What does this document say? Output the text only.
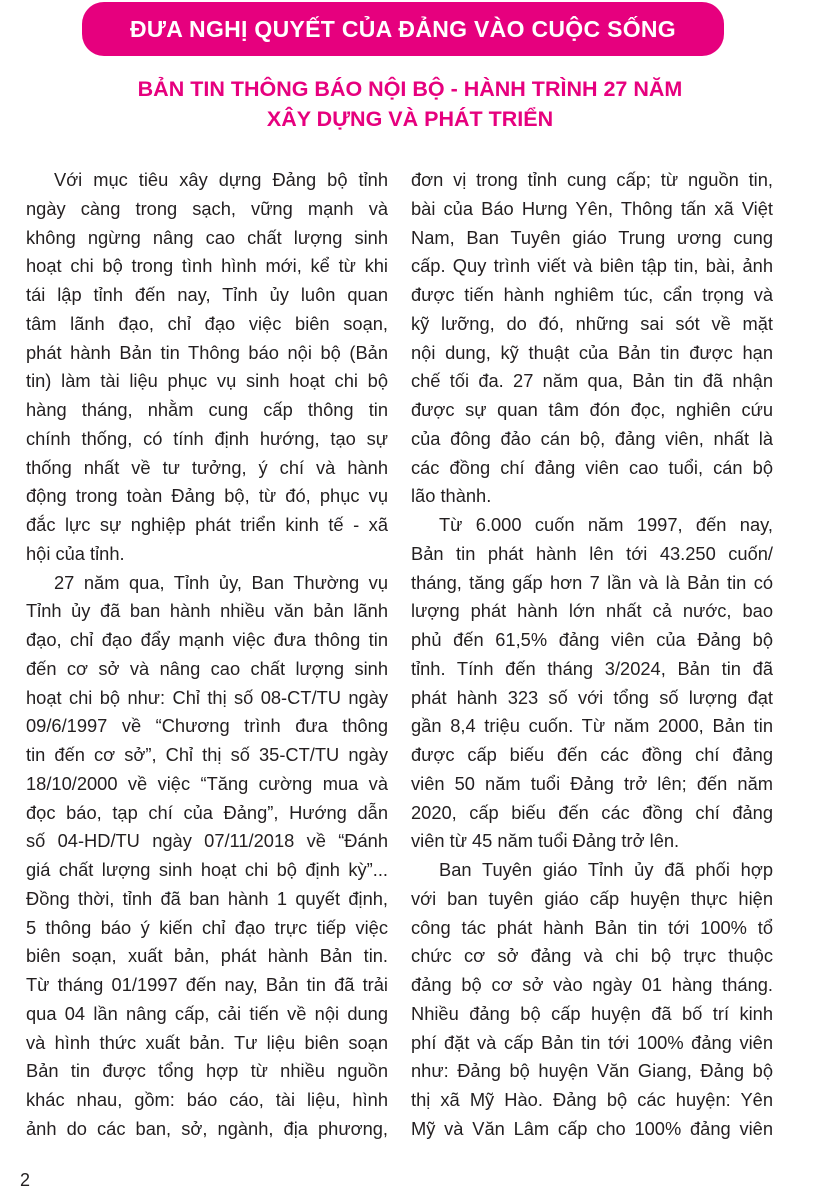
ĐƯA NGHỊ QUYẾT CỦA ĐẢNG VÀO CUỘC SỐNG
BẢN TIN THÔNG BÁO NỘI BỘ - HÀNH TRÌNH 27 NĂM
XÂY DỰNG VÀ PHÁT TRIỂN
Với mục tiêu xây dựng Đảng bộ tỉnh
ngày càng trong sạch, vững mạnh và
không ngừng nâng cao chất lượng sinh
hoạt chi bộ trong tình hình mới, kể từ khi
tái lập tỉnh đến nay, Tỉnh ủy luôn quan
tâm lãnh đạo, chỉ đạo việc biên soạn,
phát hành Bản tin Thông báo nội bộ (Bản
tin) làm tài liệu phục vụ sinh hoạt chi bộ
hàng tháng, nhằm cung cấp thông tin
chính thống, có tính định hướng, tạo sự
thống nhất về tư tưởng, ý chí và hành
động trong toàn Đảng bộ, từ đó, phục vụ
đắc lực sự nghiệp phát triển kinh tế - xã
hội của tỉnh.
27 năm qua, Tỉnh ủy, Ban Thường vụ
Tỉnh ủy đã ban hành nhiều văn bản lãnh
đạo, chỉ đạo đẩy mạnh việc đưa thông tin
đến cơ sở và nâng cao chất lượng sinh
hoạt chi bộ như: Chỉ thị số 08-CT/TU ngày
09/6/1997 về “Chương trình đưa thông
tin đến cơ sở”, Chỉ thị số 35-CT/TU ngày
18/10/2000 về việc “Tăng cường mua và
đọc báo, tạp chí của Đảng”, Hướng dẫn
số 04-HD/TU ngày 07/11/2018 về “Đánh
giá chất lượng sinh hoạt chi bộ định kỳ”...
Đồng thời, tỉnh đã ban hành 1 quyết định,
5 thông báo ý kiến chỉ đạo trực tiếp việc
biên soạn, xuất bản, phát hành Bản tin.
Từ tháng 01/1997 đến nay, Bản tin đã trải
qua 04 lần nâng cấp, cải tiến về nội dung
và hình thức xuất bản. Tư liệu biên soạn
Bản tin được tổng hợp từ nhiều nguồn
khác nhau, gồm: báo cáo, tài liệu, hình
ảnh do các ban, sở, ngành, địa phương,
đơn vị trong tỉnh cung cấp; từ nguồn tin,
bài của Báo Hưng Yên, Thông tấn xã Việt
Nam, Ban Tuyên giáo Trung ương cung
cấp. Quy trình viết và biên tập tin, bài, ảnh
được tiến hành nghiêm túc, cẩn trọng và
kỹ lưỡng, do đó, những sai sót về mặt
nội dung, kỹ thuật của Bản tin được hạn
chế tối đa. 27 năm qua, Bản tin đã nhận
được sự quan tâm đón đọc, nghiên cứu
của đông đảo cán bộ, đảng viên, nhất là
các đồng chí đảng viên cao tuổi, cán bộ
lão thành.
Từ 6.000 cuốn năm 1997, đến nay,
Bản tin phát hành lên tới 43.250 cuốn/
tháng, tăng gấp hơn 7 lần và là Bản tin có
lượng phát hành lớn nhất cả nước, bao
phủ đến 61,5% đảng viên của Đảng bộ
tỉnh. Tính đến tháng 3/2024, Bản tin đã
phát hành 323 số với tổng số lượng đạt
gần 8,4 triệu cuốn. Từ năm 2000, Bản tin
được cấp biếu đến các đồng chí đảng
viên 50 năm tuổi Đảng trở lên; đến năm
2020, cấp biếu đến các đồng chí đảng
viên từ 45 năm tuổi Đảng trở lên.
Ban Tuyên giáo Tỉnh ủy đã phối hợp
với ban tuyên giáo cấp huyện thực hiện
công tác phát hành Bản tin tới 100% tổ
chức cơ sở đảng và chi bộ trực thuộc
đảng bộ cơ sở vào ngày 01 hàng tháng.
Nhiều đảng bộ cấp huyện đã bố trí kinh
phí đặt và cấp Bản tin tới 100% đảng viên
như: Đảng bộ huyện Văn Giang, Đảng bộ
thị xã Mỹ Hào. Đảng bộ các huyện: Yên
Mỹ và Văn Lâm cấp cho 100% đảng viên
2
